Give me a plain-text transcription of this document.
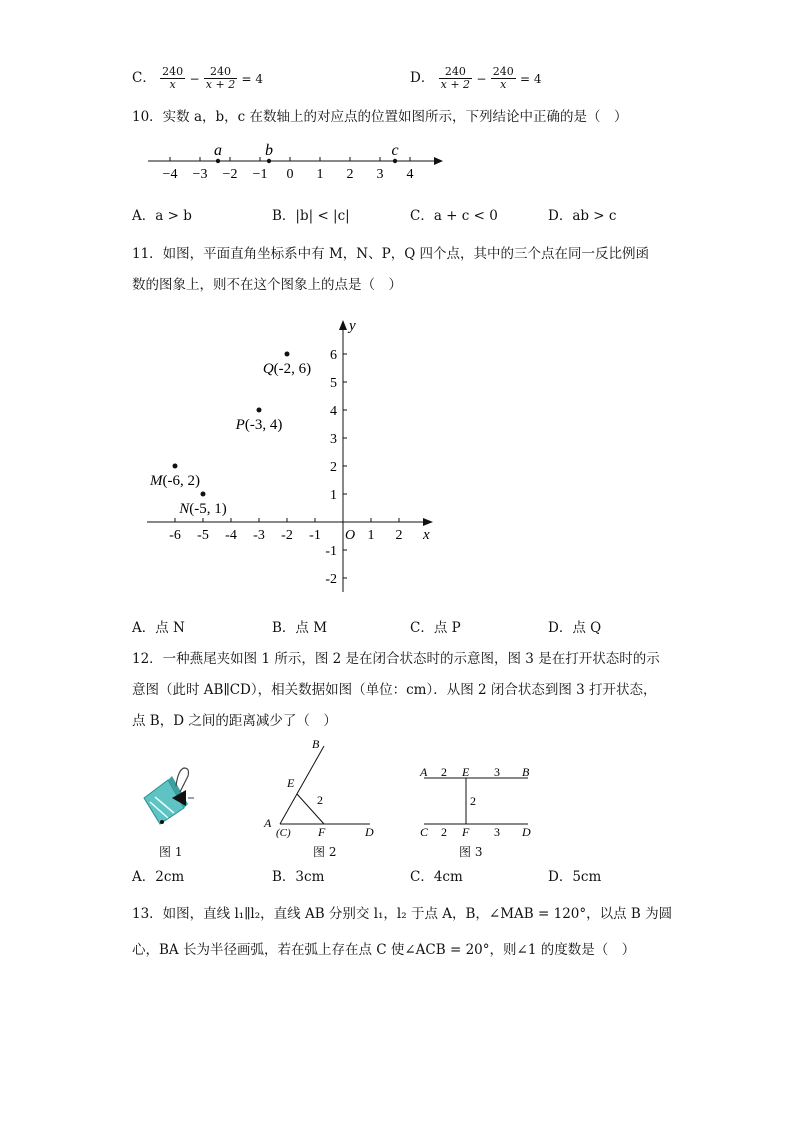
C． $\frac{240}{x} - \frac{240}{x + 2} = 4$	D． $\frac{240}{x + 2} - \frac{240}{x} = 4$
10．实数 a，b，c 在数轴上的对应点的位置如图所示，下列结论中正确的是（　）
−4 −3 −2 −1 0 1 2 3 4
a	b	c
A．a > b	B．|b| < |c|	C．a + c < 0	D．ab > c
11．如图，平面直角坐标系中有 M，N、P，Q 四个点，其中的三个点在同一反比例函
数的图象上，则不在这个图象上的点是（　）
x
y
O
-6 -5 -4 -3 -2 -1	1 2
6
5
4
3
2
1
-1
-2
Q(-2, 6)
P(-3, 4)
M(-6, 2)
N(-5, 1)
A．点 N	B．点 M	C．点 P	D．点 Q
12．一种燕尾夹如图 1 所示，图 2 是在闭合状态时的示意图，图 3 是在打开状态时的示
意图（此时 AB∥CD），相关数据如图（单位：cm）．从图 2 闭合状态到图 3 打开状态，
点 B，D 之间的距离减少了（　）
B
E
2
A
(C) F	D
A 2 E 3 B
2
C 2 F 3 D
图 1	图 2	图 3
A．2cm	B．3cm	C．4cm	D．5cm
13．如图，直线 l₁∥l₂，直线 AB 分别交 l₁，l₂ 于点 A，B，∠MAB = 120°，以点 B 为圆
心，BA 长为半径画弧，若在弧上存在点 C 使∠ACB = 20°，则∠1 的度数是（　）
